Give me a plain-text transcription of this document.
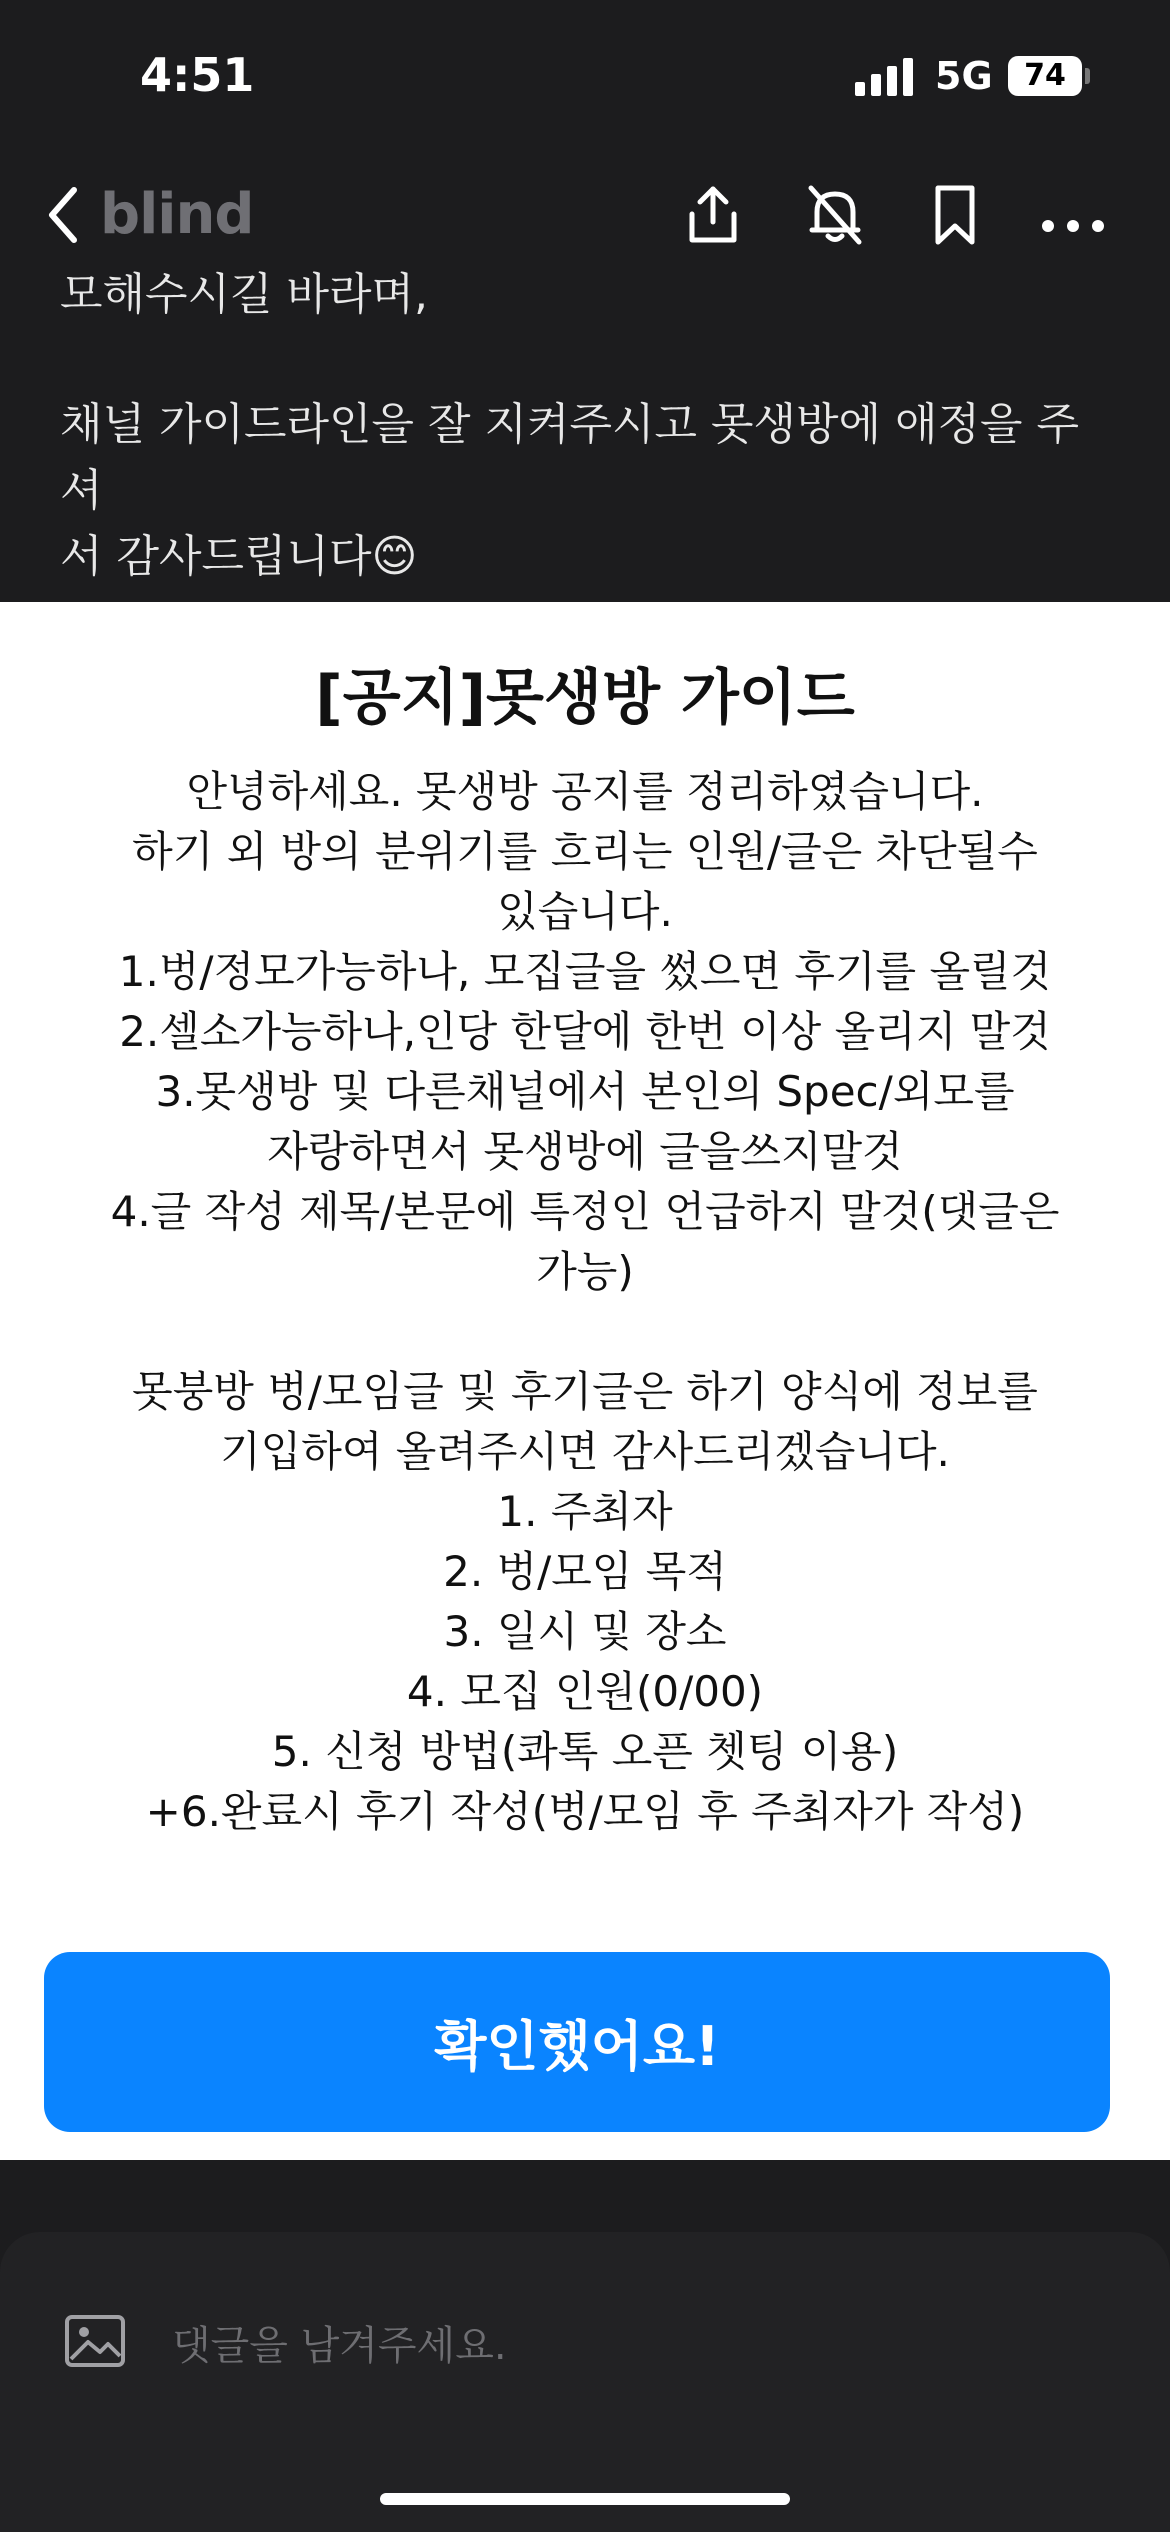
4:51	5G	74
모해수시길 바라며,
채널 가이드라인을 잘 지켜주시고 못생방에 애정을 주셔
서 감사드립니다😊
blind
[공지]못생방 가이드
안녕하세요. 못생방 공지를 정리하였습니다.
하기 외 방의 분위기를 흐리는 인원/글은 차단될수
있습니다.
1.벙/정모가능하나, 모집글을 썼으면 후기를 올릴것
2.셀소가능하나,인당 한달에 한번 이상 올리지 말것
3.못생방 및 다른채널에서 본인의 Spec/외모를
자랑하면서 못생방에 글을쓰지말것
4.글 작성 제목/본문에 특정인 언급하지 말것(댓글은
가능)
못붕방 벙/모임글 및 후기글은 하기 양식에 정보를
기입하여 올려주시면 감사드리겠습니다.
1. 주최자
2. 벙/모임 목적
3. 일시 및 장소
4. 모집 인원(0/00)
5. 신청 방법(콰톡 오픈 쳇팅 이용)
+6.완료시 후기 작성(벙/모임 후 주최자가 작성)
확인했어요!
댓글을 남겨주세요.
